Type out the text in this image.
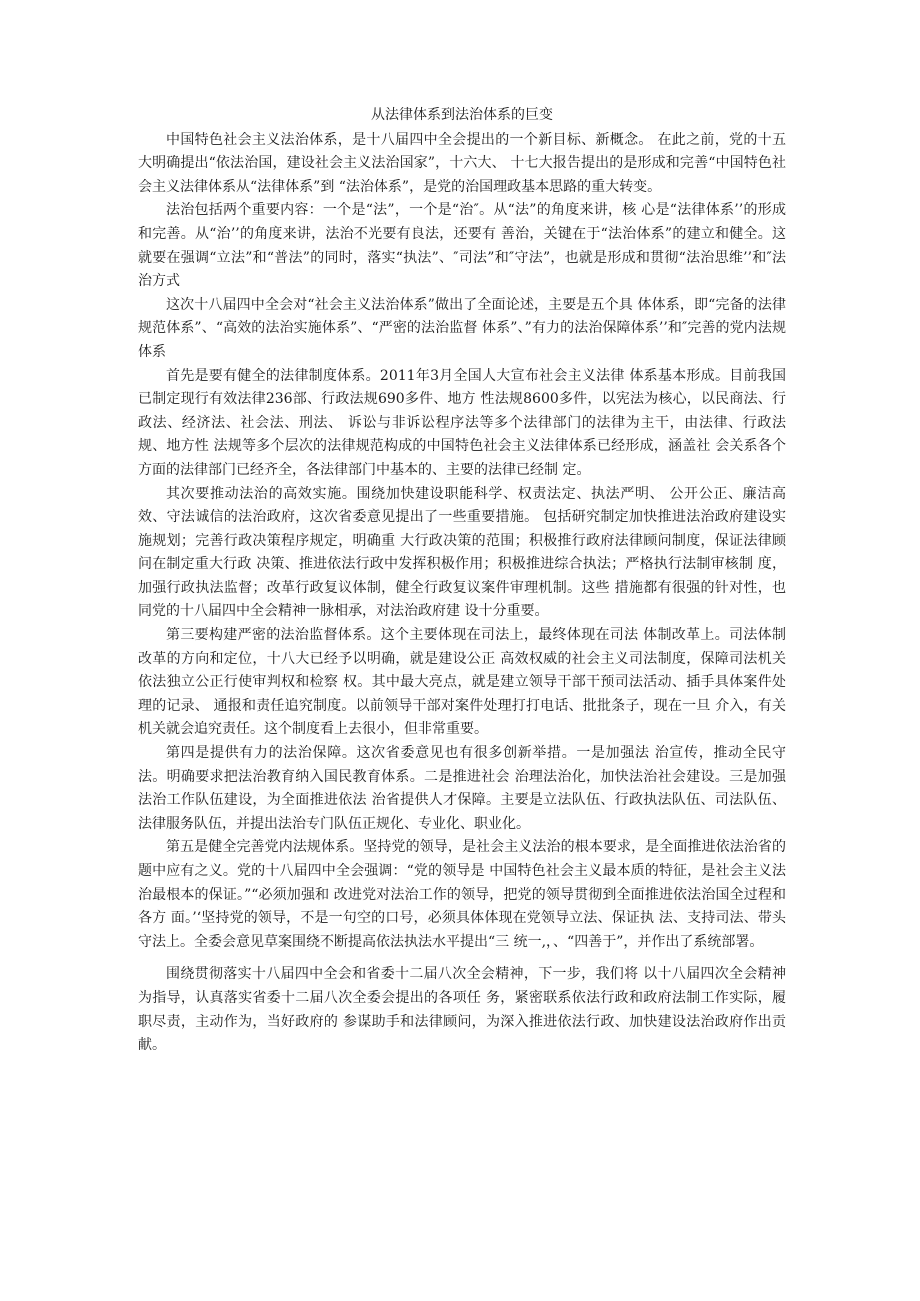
从法律体系到法治体系的巨变

中国特色社会主义法治体系，是十八届四中全会提出的一个新目标、新概念。 在此之前，党的十五大明确提出“依法治国，建设社会主义法治国家”，十六大、 十七大报告提出的是形成和完善“中国特色社会主义法律体系从“法律体系”到 “法治体系”，是党的治国理政基本思路的重大转变。

法治包括两个重要内容：一个是“法”，一个是“治″。从“法”的角度来讲，核 心是“法律体系’’的形成和完善。从“治’’的角度来讲，法治不光要有良法，还要有 善治，关键在于“法治体系”的建立和健全。这就要在强调“立法”和“普法”的同时，落实“执法”、″司法”和″守法”，也就是形成和贯彻“法治思维’’和″法治方式

这次十八届四中全会对“社会主义法治体系”做出了全面论述，主要是五个具 体体系，即“完备的法律规范体系”、“高效的法治实施体系”、“严密的法治监督 体系”、”有力的法治保障体系’’和″完善的党内法规体系

首先是要有健全的法律制度体系。2011年3月全国人大宣布社会主义法律 体系基本形成。目前我国已制定现行有效法律236部、行政法规690多件、地方 性法规8600多件，以宪法为核心，以民商法、行政法、经济法、社会法、刑法、 诉讼与非诉讼程序法等多个法律部门的法律为主干，由法律、行政法规、地方性 法规等多个层次的法律规范构成的中国特色社会主义法律体系已经形成，涵盖社 会关系各个方面的法律部门已经齐全，各法律部门中基本的、主要的法律已经制 定。

其次要推动法治的高效实施。围绕加快建设职能科学、权责法定、执法严明、 公开公正、廉洁高效、守法诚信的法治政府，这次省委意见提出了一些重要措施。 包括研究制定加快推进法治政府建设实施规划；完善行政决策程序规定，明确重 大行政决策的范围；积极推行政府法律顾问制度，保证法律顾问在制定重大行政 决策、推进依法行政中发挥积极作用；积极推进综合执法；严格执行法制审核制 度，加强行政执法监督；改革行政复议体制，健全行政复议案件审理机制。这些 措施都有很强的针对性，也同党的十八届四中全会精神一脉相承，对法治政府建 设十分重要。

第三要构建严密的法治监督体系。这个主要体现在司法上，最终体现在司法 体制改革上。司法体制改革的方向和定位，十八大已经予以明确，就是建设公正 高效权威的社会主义司法制度，保障司法机关依法独立公正行使审判权和检察 权。其中最大亮点，就是建立领导干部干预司法活动、插手具体案件处理的记录、 通报和责任追究制度。以前领导干部对案件处理打打电话、批批条子，现在一旦 介入，有关机关就会追究责任。这个制度看上去很小，但非常重要。

第四是提供有力的法治保障。这次省委意见也有很多创新举措。一是加强法 治宣传，推动全民守法。明确要求把法治教育纳入国民教育体系。二是推进社会 治理法治化，加快法治社会建设。三是加强法治工作队伍建设，为全面推进依法 治省提供人才保障。主要是立法队伍、行政执法队伍、司法队伍、法律服务队伍，并提出法治专门队伍正规化、专业化、职业化。

第五是健全完善党内法规体系。坚持党的领导，是社会主义法治的根本要求，是全面推进依法治省的题中应有之义。党的十八届四中全会强调：“党的领导是 中国特色社会主义最本质的特征，是社会主义法治最根本的保证。”“必须加强和 改进党对法治工作的领导，把党的领导贯彻到全面推进依法治国全过程和各方 面。’‘坚持党的领导，不是一句空的口号，必须具体体现在党领导立法、保证执 法、支持司法、带头守法上。全委会意见草案围绕不断提高依法执法水平提出“三 统一,，、“四善于”，并作出了系统部署。

围绕贯彻落实十八届四中全会和省委十二届八次全会精神，下一步，我们将 以十八届四次全会精神为指导，认真落实省委十二届八次全委会提出的各项任 务，紧密联系依法行政和政府法制工作实际，履职尽责，主动作为，当好政府的 参谋助手和法律顾问，为深入推进依法行政、加快建设法治政府作出贡献。
